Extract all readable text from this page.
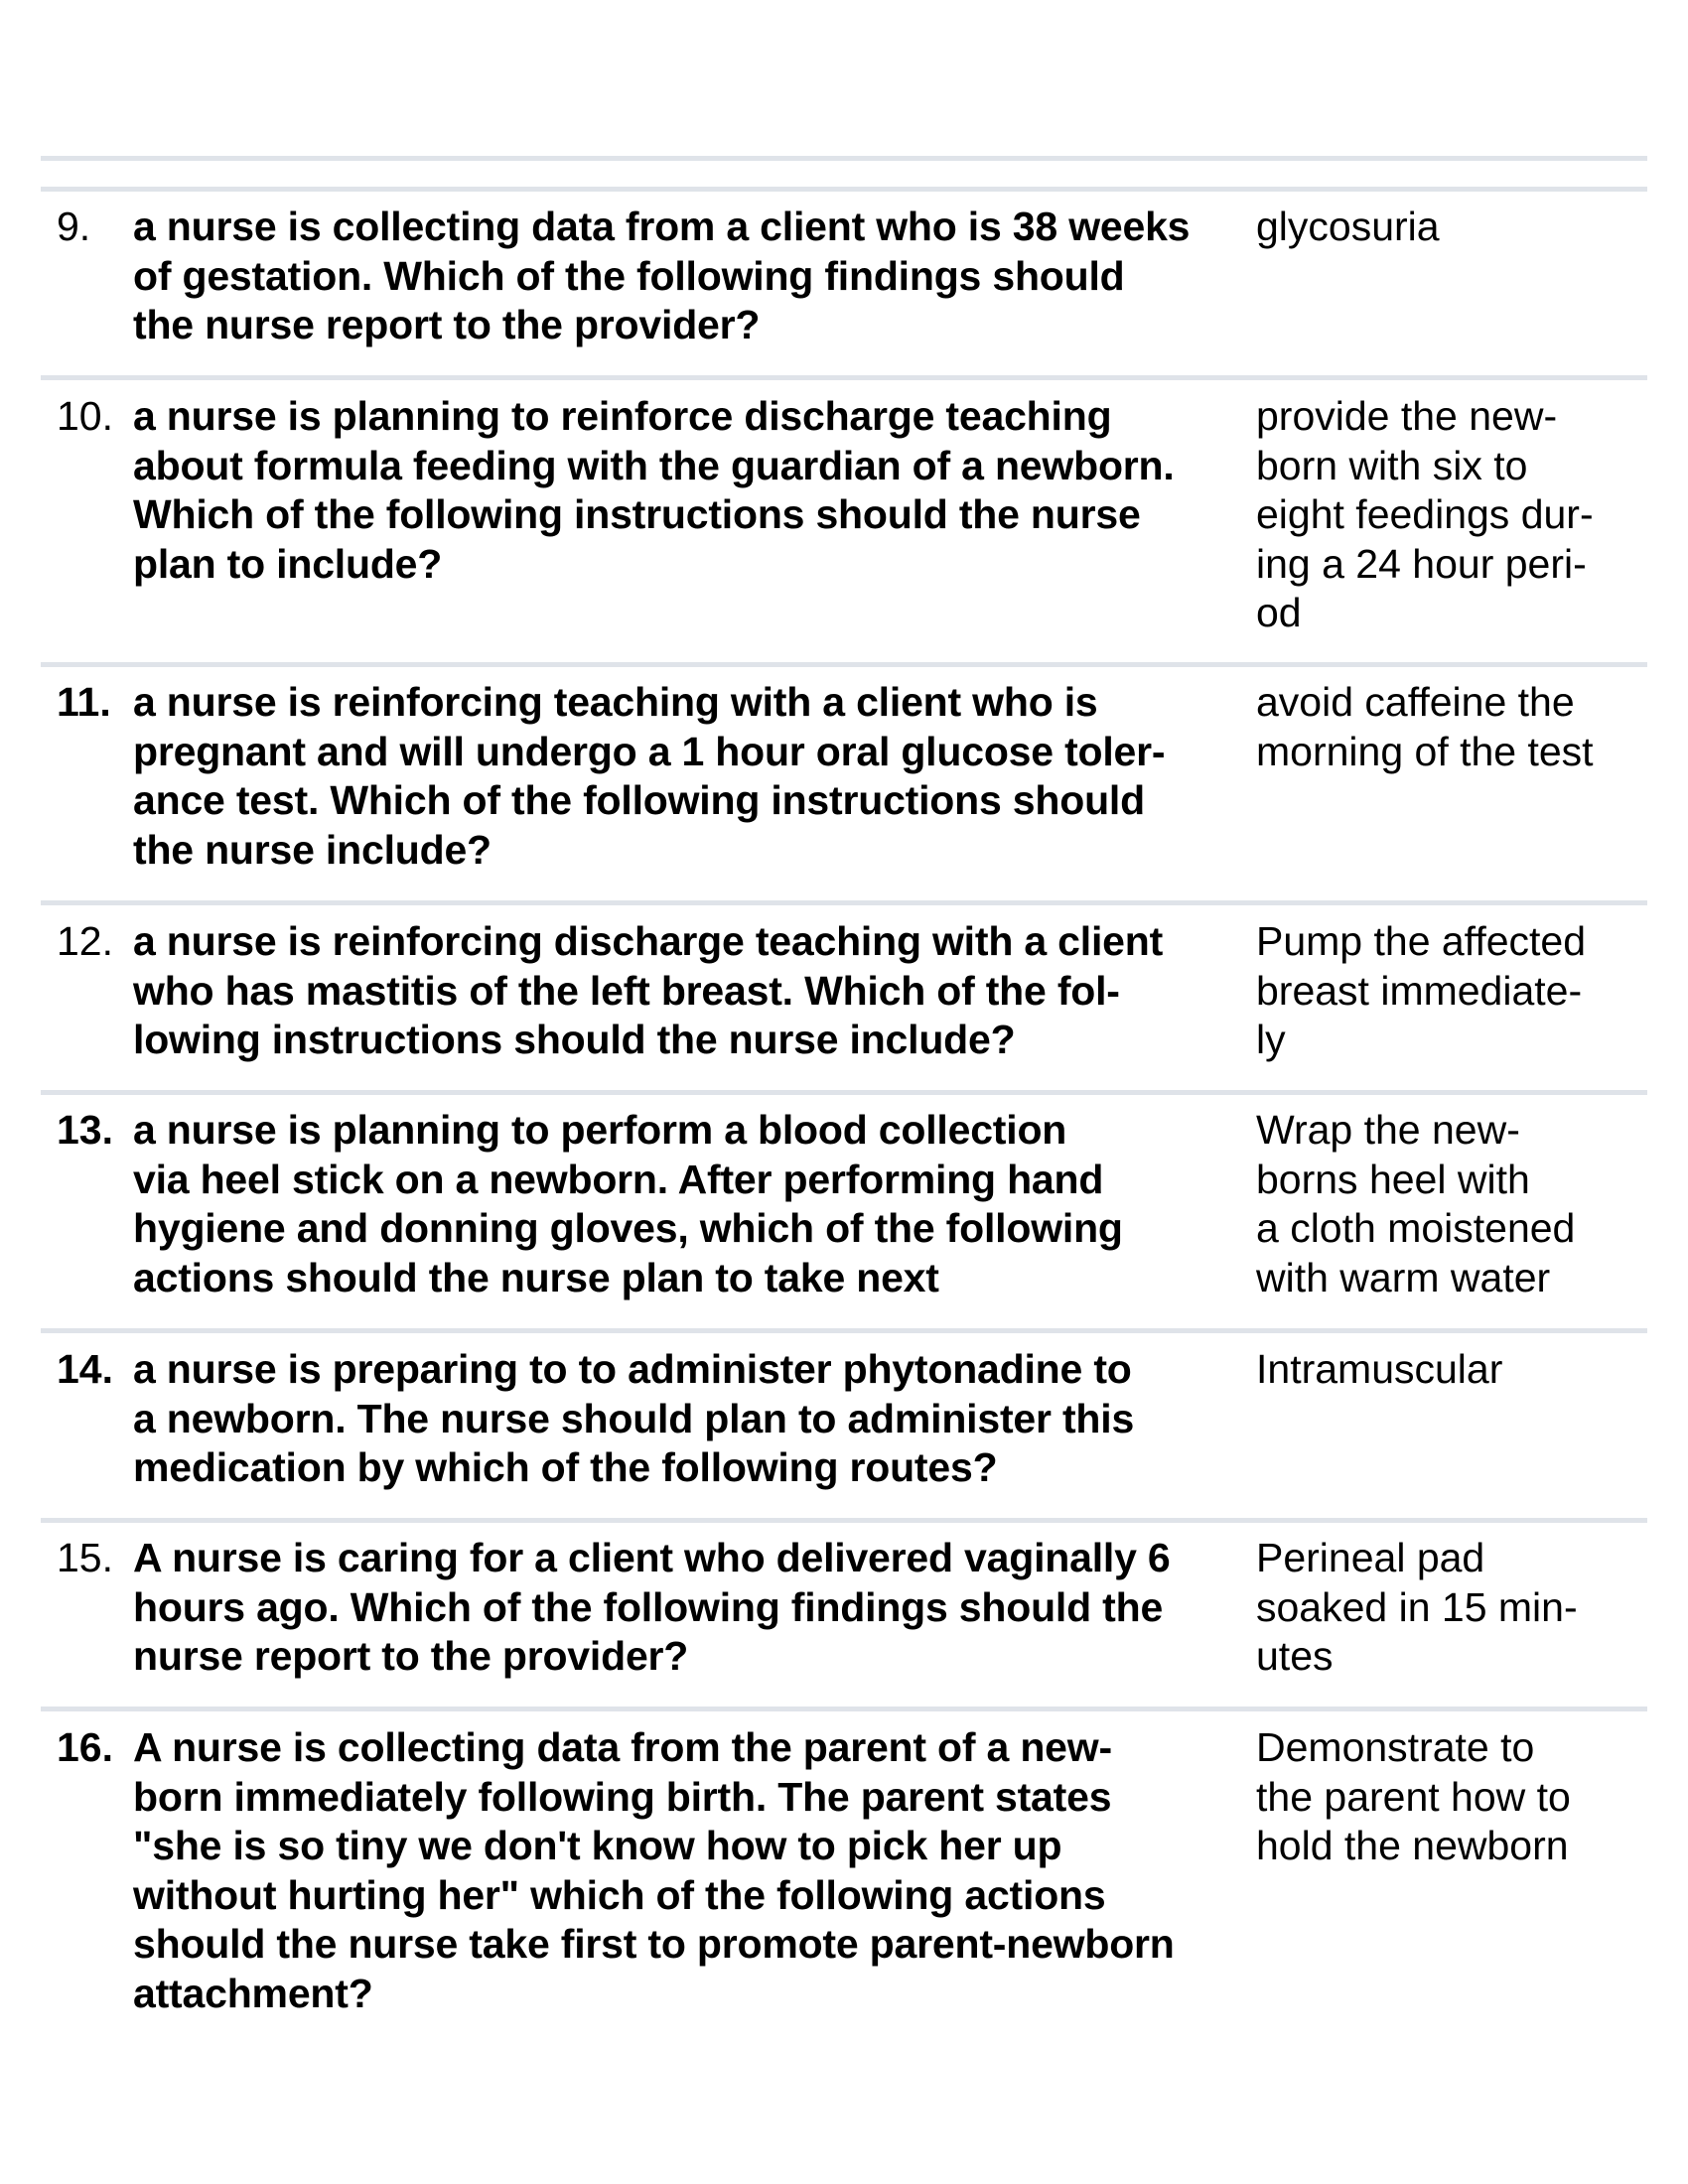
9. a nurse is collecting data from a client who is 38 weeks
of gestation. Which of the following findings should
the nurse report to the provider?
glycosuria
10. a nurse is planning to reinforce discharge teaching
about formula feeding with the guardian of a newborn.
Which of the following instructions should the nurse
plan to include?
provide the new-
born with six to
eight feedings dur-
ing a 24 hour peri-
od
11. a nurse is reinforcing teaching with a client who is
pregnant and will undergo a 1 hour oral glucose toler-
ance test. Which of the following instructions should
the nurse include?
avoid caffeine the
morning of the test
12. a nurse is reinforcing discharge teaching with a client
who has mastitis of the left breast. Which of the fol-
lowing instructions should the nurse include?
Pump the affected
breast immediate-
ly
13. a nurse is planning to perform a blood collection
via heel stick on a newborn. After performing hand
hygiene and donning gloves, which of the following
actions should the nurse plan to take next
Wrap the new-
borns heel with
a cloth moistened
with warm water
14. a nurse is preparing to to administer phytonadine to
a newborn. The nurse should plan to administer this
medication by which of the following routes?
Intramuscular
15. A nurse is caring for a client who delivered vaginally 6
hours ago. Which of the following findings should the
nurse report to the provider?
Perineal pad
soaked in 15 min-
utes
16. A nurse is collecting data from the parent of a new-
born immediately following birth. The parent states
"she is so tiny we don't know how to pick her up
without hurting her" which of the following actions
should the nurse take first to promote parent-newborn
attachment?
Demonstrate to
the parent how to
hold the newborn
